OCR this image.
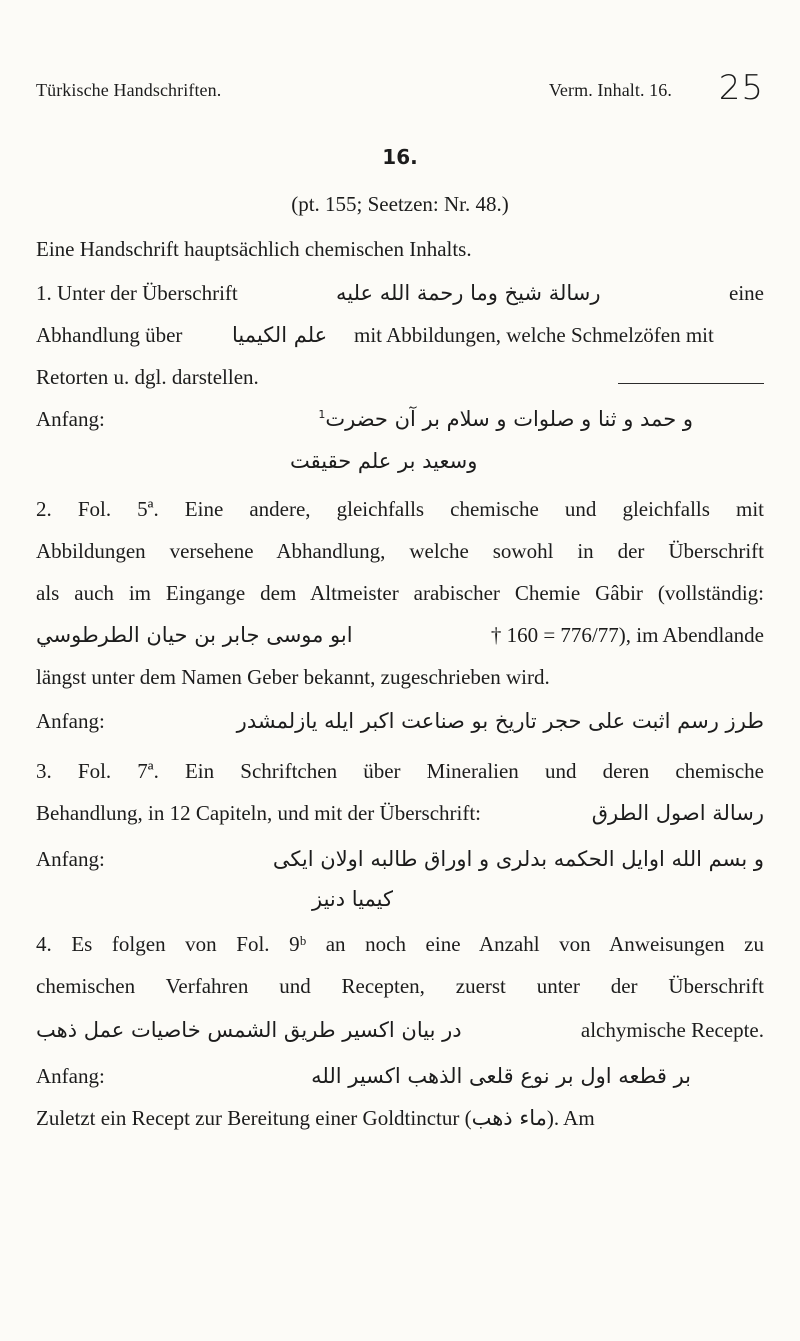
Türkische Handschriften.	Verm. Inhalt. 16. 25
16.
(pt. 155; Seetzen: Nr. 48.)
Eine Handschrift hauptsächlich chemischen Inhalts.
1. Unter der Überschrift	رسالة شيخ وما رحمة الله عليه	eine
Abhandlung über علم الكيميا mit Abbildungen, welche Schmelzöfen mit
Retorten u. dgl. darstellen.
Anfang:	و حمد و ثنا و صلوات و سلام بر آن حضرت$^1$
وسعيد بر علم حقيقت
2. Fol. 5ª. Eine andere, gleichfalls chemische und gleichfalls mit
Abbildungen versehene Abhandlung, welche sowohl in der Überschrift
als auch im Eingange dem Altmeister arabischer Chemie Gâbir (vollständig:
ابو موسى جابر بن حيان الطرطوسي	† 160 = 776/77), im Abendlande
längst unter dem Namen Geber bekannt, zugeschrieben wird.
Anfang:	طرز رسم اثبت على حجر تاريخ بو صناعت اكبر ايله يازلمشدر
3. Fol. 7ª. Ein Schriftchen über Mineralien und deren chemische
Behandlung, in 12 Capiteln, und mit der Überschrift:	رسالة اصول الطرق
Anfang:	و بسم الله اوايل الحكمه بدلرى و اوراق طالبه اولان ايكى
كيميا دنيز
4. Es folgen von Fol. 9ᵇ an noch eine Anzahl von Anweisungen zu
chemischen Verfahren und Recepten, zuerst unter der Überschrift
در بيان اكسير طريق الشمس خاصيات عمل ذهب	alchymische Recepte.
Anfang:	بر قطعه اول بر نوع قلعى الذهب اكسير الله
Zuletzt ein Recept zur Bereitung einer Goldtinctur (ماء ذهب). Am
